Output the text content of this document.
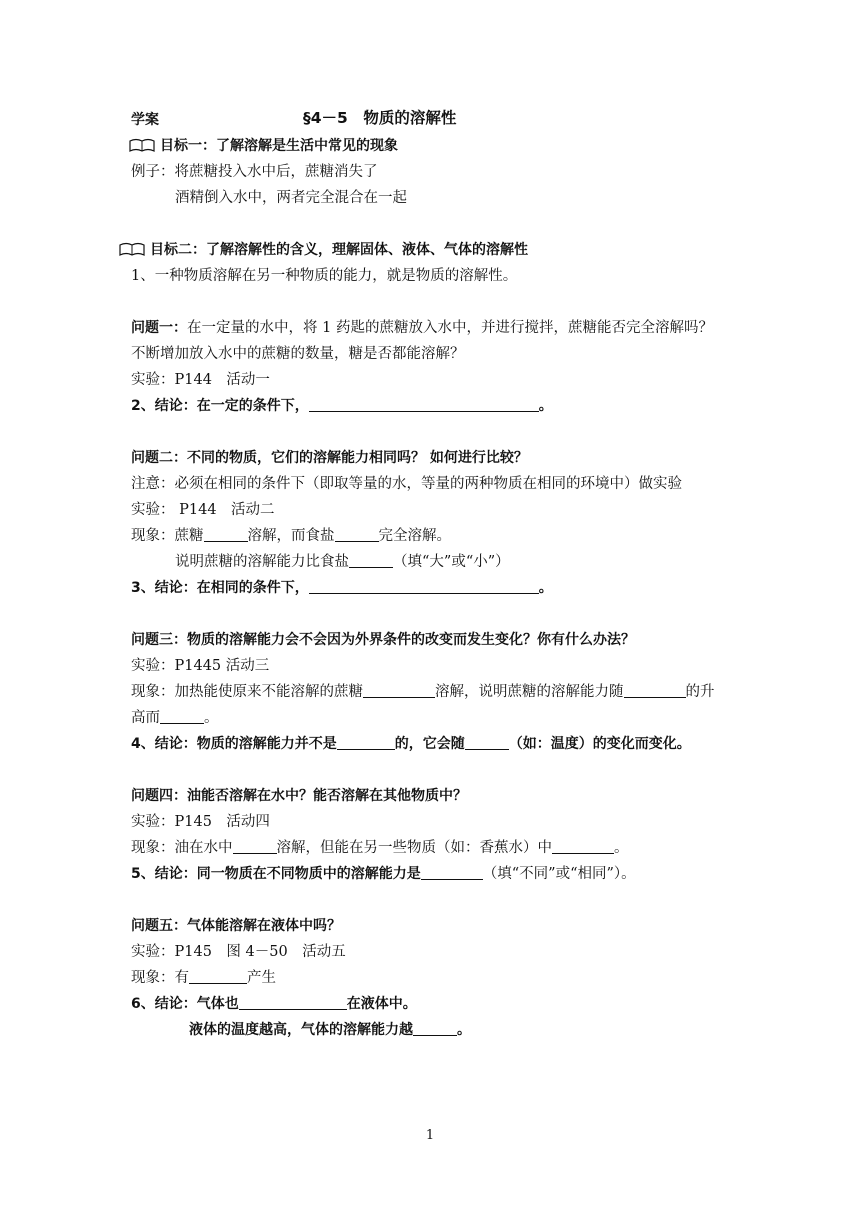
学案	§4－5　物质的溶解性
目标一：了解溶解是生活中常见的现象
例子：将蔗糖投入水中后，蔗糖消失了
酒精倒入水中，两者完全混合在一起
目标二：了解溶解性的含义，理解固体、液体、气体的溶解性
1、一种物质溶解在另一种物质的能力，就是物质的溶解性。
问题一：在一定量的水中，将 1 药匙的蔗糖放入水中，并进行搅拌，蔗糖能否完全溶解吗？
不断增加放入水中的蔗糖的数量，糖是否都能溶解？
实验：P144　活动一
2、结论：在一定的条件下，	。
问题二：不同的物质，它们的溶解能力相同吗？ 如何进行比较？
注意：必须在相同的条件下（即取等量的水，等量的两种物质在相同的环境中）做实验
实验： P144　活动二
现象：蔗糖	溶解，而食盐	完全溶解。
说明蔗糖的溶解能力比食盐	（填“大”或“小”）
3、结论：在相同的条件下，	。
问题三：物质的溶解能力会不会因为外界条件的改变而发生变化？你有什么办法？
实验：P1445 活动三
现象：加热能使原来不能溶解的蔗糖	溶解，说明蔗糖的溶解能力随	的升
高而	。
4、结论：物质的溶解能力并不是	的，它会随	（如：温度）的变化而变化。
问题四：油能否溶解在水中？能否溶解在其他物质中？
实验：P145　活动四
现象：油在水中	溶解，但能在另一些物质（如：香蕉水）中	。
5、结论：同一物质在不同物质中的溶解能力是	（填“不同”或“相同”）。
问题五：气体能溶解在液体中吗？
实验：P145　图 4－50　活动五
现象：有	产生
6、结论：气体也	在液体中。
液体的温度越高，气体的溶解能力越	。
1
